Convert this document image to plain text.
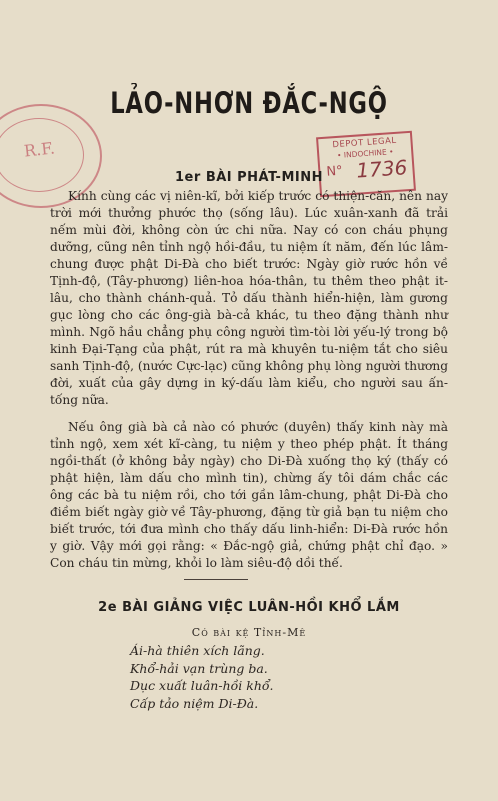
R.F.
LẢO-NHƠN ĐẮC-NGỘ
DEPOT LEGAL
• INDOCHINE •
N° 1736
1er BÀI PHÁT-MINH

Kính cùng các vị niên-kĩ, bởi kiếp trước có thiện-căn, nên nay trời mới thưởng phước thọ (sống lâu). Lúc xuân-xanh đã trải nếm mùi đời, không còn ức chi nữa. Nay có con cháu phụng dưỡng, cũng nên tỉnh ngộ hồi-đầu, tu niệm ít năm, đến lúc lâm-chung được phật Di-Đà cho biết trước: Ngày giờ rước hồn về Tịnh-độ, (Tây-phương) liên-hoa hóa-thân, tu thêm theo phật it-lâu, cho thành chánh-quả. Tỏ dấu thành hiển-hiện, làm gương gục lòng cho các ông-già bà-cả khác, tu theo đặng thành như mình. Ngõ hầu chẳng phụ công người tìm-tòi lời yếu-lý trong bộ kinh Đại-Tạng của phật, rút ra mà khuyên tu-niệm tắt cho siêu sanh Tịnh-độ, (nước Cực-lạc) cũng không phụ lòng người thương đời, xuất của gây dựng in ký-dấu làm kiểu, cho người sau ấn-tống nữa.

Nếu ông già bà cả nào có phước (duyên) thấy kinh này mà tỉnh ngộ, xem xét kĩ-càng, tu niệm y theo phép phật. Ít tháng ngồi-thất (ở không bảy ngày) cho Di-Đà xuống thọ ký (thấy có phật hiện, làm dấu cho mình tin), chừng ấy tôi dám chắc các ông các bà tu niệm rồi, cho tới gần lâm-chung, phật Di-Đà cho điềm biết ngày giờ về Tây-phương, đặng từ giả bạn tu niệm cho biết trước, tới đưa mình cho thấy dấu linh-hiển: Di-Đà rước hồn y giờ. Vậy mới gọi rằng: « Đắc-ngộ giả, chứng phật chỉ đạo. » Con cháu tin mừng, khỏi lo làm siêu-độ dồi thế.

2e BÀI GIẢNG VIỆC LUÂN-HỒI KHỔ LẮM
Có bài kệ Tỉnh-Mê
Ái-hà thiên xích lãng.
Khổ-hải vạn trùng ba.
Dục xuất luân-hồi khổ.
Cấp tảo niệm Di-Đà.
